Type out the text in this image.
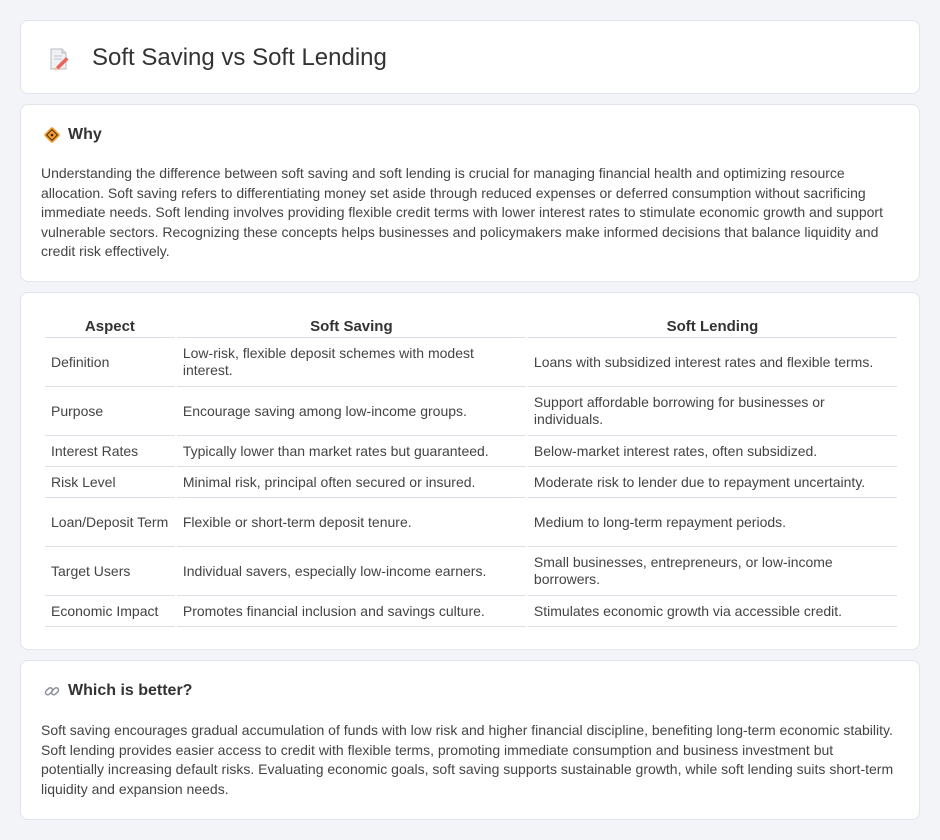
Soft Saving vs Soft Lending
Why

Understanding the difference between soft saving and soft lending is crucial for managing financial health and optimizing resource allocation. Soft saving refers to differentiating money set aside through reduced expenses or deferred consumption without sacrificing immediate needs. Soft lending involves providing flexible credit terms with lower interest rates to stimulate economic growth and support vulnerable sectors. Recognizing these concepts helps businesses and policymakers make informed decisions that balance liquidity and credit risk effectively.

Aspect	Soft Saving	Soft Lending
Definition	Low-risk, flexible deposit schemes with modest interest.	Loans with subsidized interest rates and flexible terms.
Purpose	Encourage saving among low-income groups.	Support affordable borrowing for businesses or individuals.
Interest Rates	Typically lower than market rates but guaranteed.	Below-market interest rates, often subsidized.
Risk Level	Minimal risk, principal often secured or insured.	Moderate risk to lender due to repayment uncertainty.
Loan/Deposit Term	Flexible or short-term deposit tenure.	Medium to long-term repayment periods.
Target Users	Individual savers, especially low-income earners.	Small businesses, entrepreneurs, or low-income borrowers.
Economic Impact	Promotes financial inclusion and savings culture.	Stimulates economic growth via accessible credit.
Which is better?

Soft saving encourages gradual accumulation of funds with low risk and higher financial discipline, benefiting long-term economic stability. Soft lending provides easier access to credit with flexible terms, promoting immediate consumption and business investment but potentially increasing default risks. Evaluating economic goals, soft saving supports sustainable growth, while soft lending suits short-term liquidity and expansion needs.
